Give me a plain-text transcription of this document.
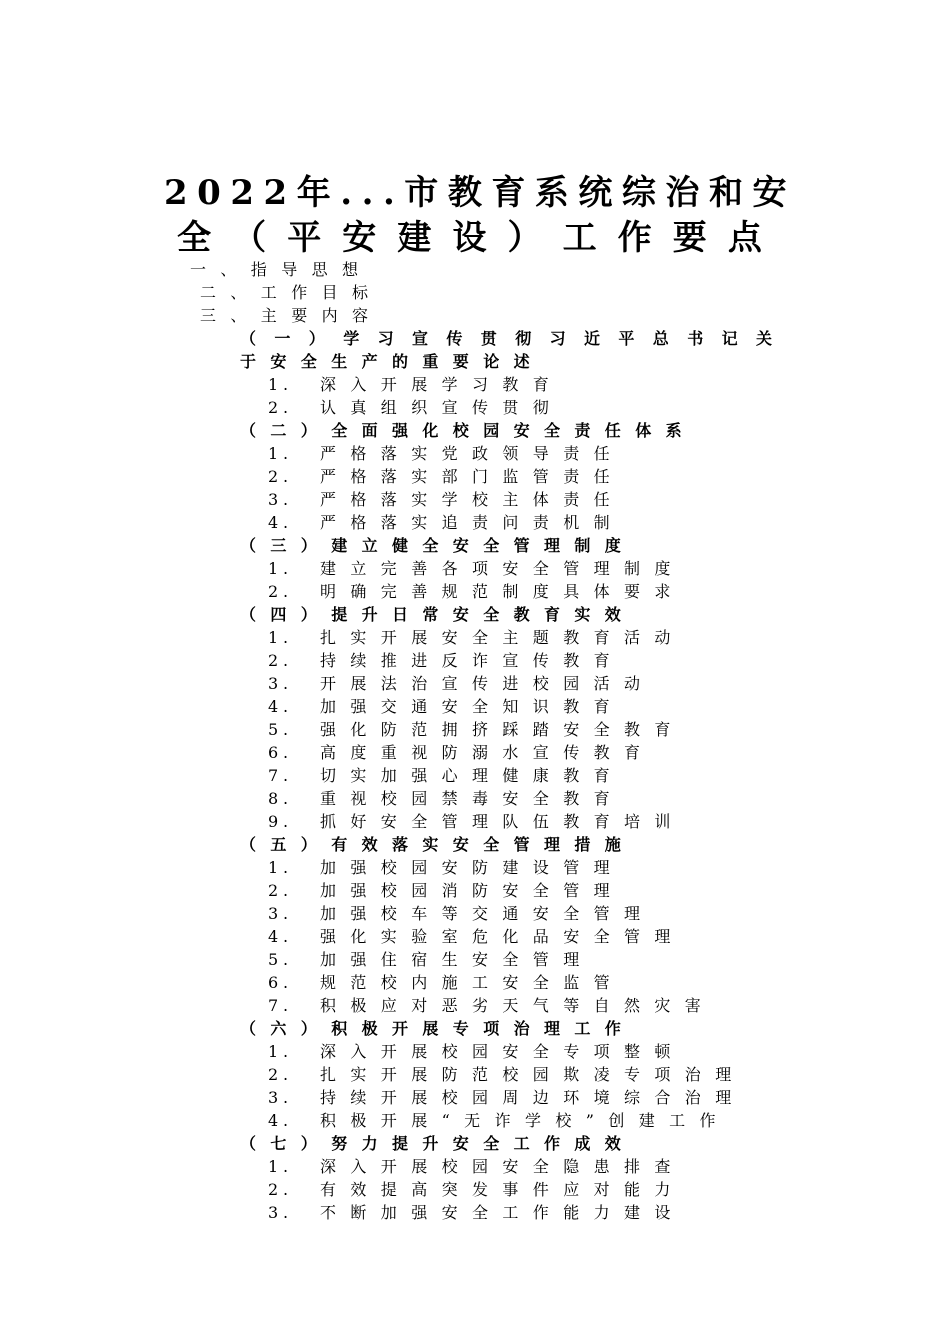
2022年...市教育系统综治和安
全（平安建设）工作要点
一、指导思想
二、工作目标
三、主要内容
（一）学习宣传贯彻习近平总书记关
于安全生产的重要论述
1. 深入开展学习教育
2. 认真组织宣传贯彻
（二）全面强化校园安全责任体系
1. 严格落实党政领导责任
2. 严格落实部门监管责任
3. 严格落实学校主体责任
4. 严格落实追责问责机制
（三）建立健全安全管理制度
1. 建立完善各项安全管理制度
2. 明确完善规范制度具体要求
（四）提升日常安全教育实效
1. 扎实开展安全主题教育活动
2. 持续推进反诈宣传教育
3. 开展法治宣传进校园活动
4. 加强交通安全知识教育
5. 强化防范拥挤踩踏安全教育
6. 高度重视防溺水宣传教育
7. 切实加强心理健康教育
8. 重视校园禁毒安全教育
9. 抓好安全管理队伍教育培训
（五）有效落实安全管理措施
1. 加强校园安防建设管理
2. 加强校园消防安全管理
3. 加强校车等交通安全管理
4. 强化实验室危化品安全管理
5. 加强住宿生安全管理
6. 规范校内施工安全监管
7. 积极应对恶劣天气等自然灾害
（六）积极开展专项治理工作
1. 深入开展校园安全专项整顿
2. 扎实开展防范校园欺凌专项治理
3. 持续开展校园周边环境综合治理
4. 积极开展“无诈学校”创建工作
（七）努力提升安全工作成效
1. 深入开展校园安全隐患排查
2. 有效提高突发事件应对能力
3. 不断加强安全工作能力建设
